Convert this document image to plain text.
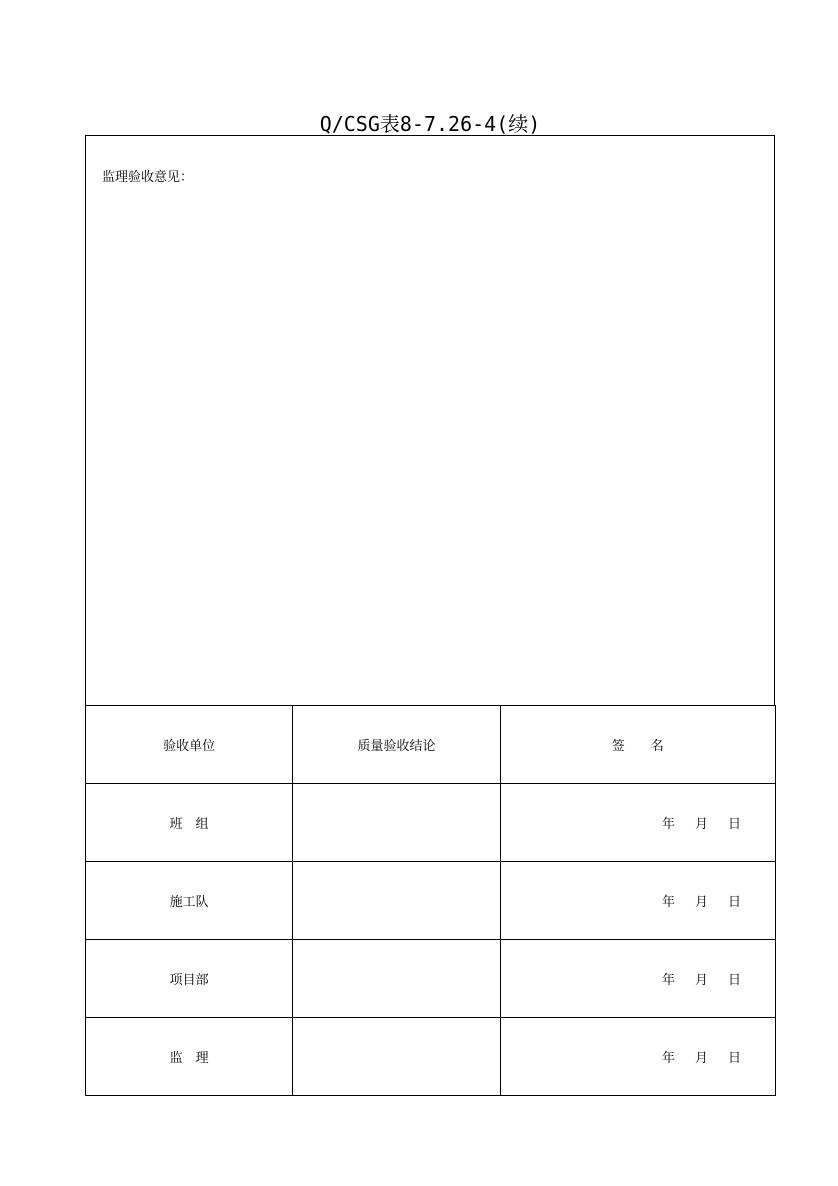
Q/CSG表8-7.26-4(续)
监理验收意见：
验收单位	质量验收结论	签　　名
班　组		年 月 日
施工队		年 月 日
项目部		年 月 日
监　理		年 月 日
